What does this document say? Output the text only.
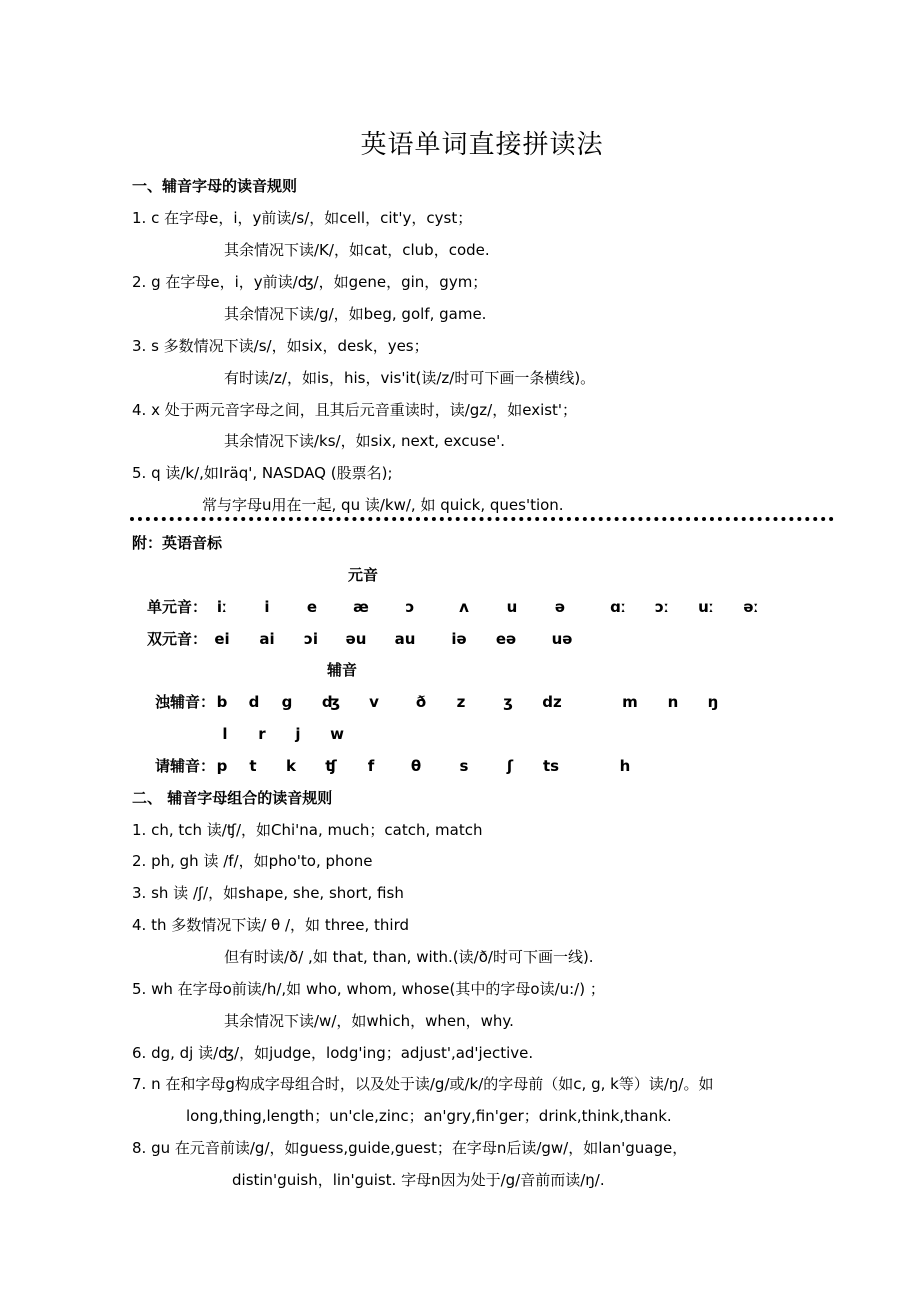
英语单词直接拼读法
一、辅音字母的读音规则
1. c 在字母e，i，y前读/s/，如cell，cit'y，cyst；
其余情况下读/K/，如cat，club，code.
2. g 在字母e，i，y前读/ʤ/，如gene，gin，gym；
其余情况下读/g/，如beg, golf, game.
3. s 多数情况下读/s/，如six，desk，yes；
有时读/z/，如is，his，vis'it(读/z/时可下画一条横线)。
4. x 处于两元音字母之间，且其后元音重读时，读/gz/，如exist'；
其余情况下读/ks/，如six, next, excuse'.
5. q 读/k/,如Iräq', NASDAQ (股票名);
常与字母u用在一起, qu 读/kw/, 如 quick, ques'tion.
附：英语音标
元音
单元音： iː i e æ ɔ	ʌ	u	ə	ɑː ɔː uː əː
双元音： ei ai ɔi əu au iə eə uə
辅音
浊辅音： b d g ʤ v ð z	ʒ dz	m n ŋ
l r j w
请辅音： p t k ʧ f θ	s	ʃ ts	h
二、 辅音字母组合的读音规则
1. ch, tch 读/ʧ/，如Chi'na, much；catch, match
2. ph, gh 读 /f/，如pho'to, phone
3. sh 读 /ʃ/，如shape, she, short, fish
4. th 多数情况下读/ θ /，如 three, third
但有时读/ð/ ,如 that, than, with.(读/ð/时可下画一线).
5. wh 在字母o前读/h/,如 who, whom, whose(其中的字母o读/u:/) ；
其余情况下读/w/，如which，when，why.
6. dg, dj 读/ʤ/，如judge，lodg'ing；adjust',ad'jective.
7. n 在和字母g构成字母组合时，以及处于读/g/或/k/的字母前（如c, g, k等）读/ŋ/。如
long,thing,length；un'cle,zinc；an'gry,fin'ger；drink,think,thank.
8. gu 在元音前读/g/，如guess,guide,guest；在字母n后读/gw/，如lan'guage，
distin'guish，lin'guist. 字母n因为处于/g/音前而读/ŋ/.
